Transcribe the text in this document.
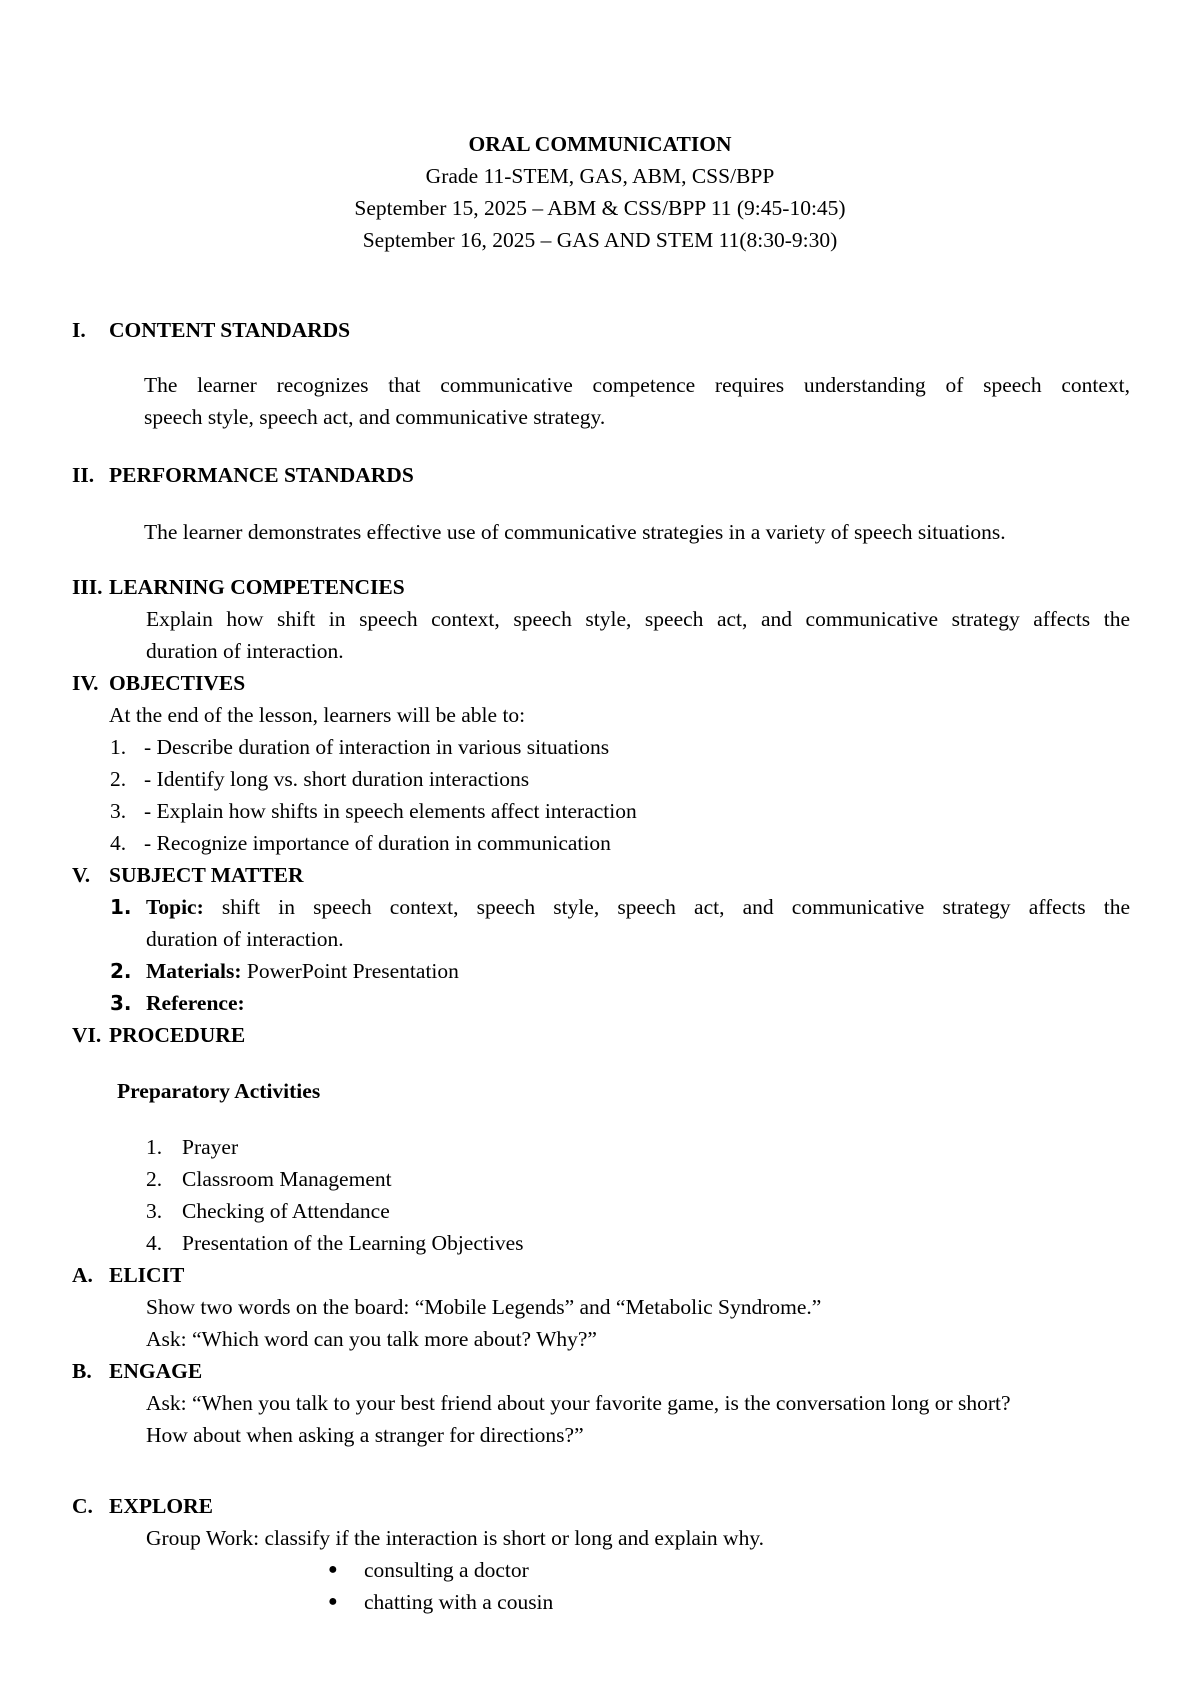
ORAL COMMUNICATION
Grade 11-STEM, GAS, ABM, CSS/BPP
September 15, 2025 – ABM & CSS/BPP 11 (9:45-10:45)
September 16, 2025 – GAS AND STEM 11(8:30-9:30)
I. CONTENT STANDARDS
The learner recognizes that communicative competence requires understanding of speech context,
speech style, speech act, and communicative strategy.
II. PERFORMANCE STANDARDS
The learner demonstrates effective use of communicative strategies in a variety of speech situations.
III. LEARNING COMPETENCIES
Explain how shift in speech context, speech style, speech act, and communicative strategy affects the
duration of interaction.
IV. OBJECTIVES
At the end of the lesson, learners will be able to:
1. - Describe duration of interaction in various situations
2. - Identify long vs. short duration interactions
3. - Explain how shifts in speech elements affect interaction
4. - Recognize importance of duration in communication
V. SUBJECT MATTER
1. Topic: shift in speech context, speech style, speech act, and communicative strategy affects the
duration of interaction.
2. Materials: PowerPoint Presentation
3. Reference:
VI. PROCEDURE
Preparatory Activities
1. Prayer
2. Classroom Management
3. Checking of Attendance
4. Presentation of the Learning Objectives
A. ELICIT
Show two words on the board: “Mobile Legends” and “Metabolic Syndrome.”
Ask: “Which word can you talk more about? Why?”
B. ENGAGE
Ask: “When you talk to your best friend about your favorite game, is the conversation long or short?
How about when asking a stranger for directions?”
C. EXPLORE
Group Work: classify if the interaction is short or long and explain why.
● consulting a doctor
● chatting with a cousin
